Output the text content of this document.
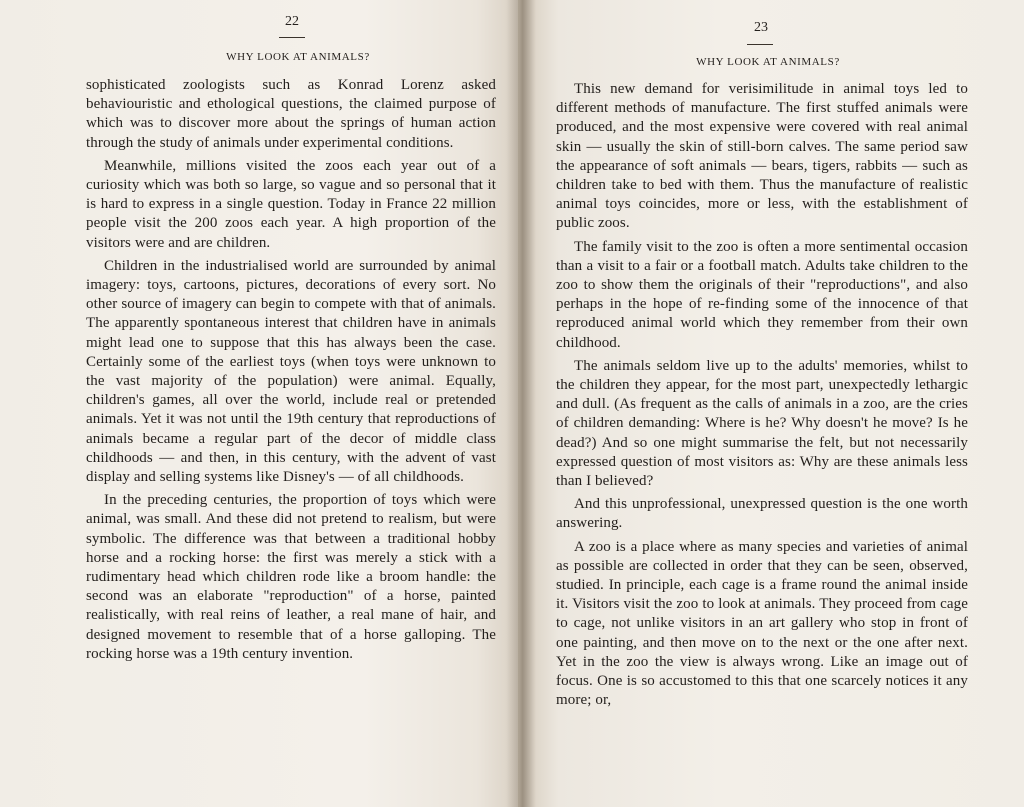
22
WHY LOOK AT ANIMALS?

sophisticated zoologists such as Konrad Lorenz asked behaviouristic and ethological questions, the claimed purpose of which was to discover more about the springs of human action through the study of animals under experimental conditions.

Meanwhile, millions visited the zoos each year out of a curiosity which was both so large, so vague and so personal that it is hard to express in a single question. Today in France 22 million people visit the 200 zoos each year. A high proportion of the visitors were and are children.

Children in the industrialised world are surrounded by animal imagery: toys, cartoons, pictures, decorations of every sort. No other source of imagery can begin to compete with that of animals. The apparently spontaneous interest that children have in animals might lead one to suppose that this has always been the case. Certainly some of the earliest toys (when toys were unknown to the vast majority of the population) were animal. Equally, children's games, all over the world, include real or pretended animals. Yet it was not until the 19th century that reproductions of animals became a regular part of the decor of middle class childhoods — and then, in this century, with the advent of vast display and selling systems like Disney's — of all childhoods.

In the preceding centuries, the proportion of toys which were animal, was small. And these did not pretend to realism, but were symbolic. The difference was that between a traditional hobby horse and a rocking horse: the first was merely a stick with a rudimentary head which children rode like a broom handle: the second was an elaborate "reproduction" of a horse, painted realistically, with real reins of leather, a real mane of hair, and designed movement to resemble that of a horse galloping. The rocking horse was a 19th century invention.

23
WHY LOOK AT ANIMALS?

This new demand for verisimilitude in animal toys led to different methods of manufacture. The first stuffed animals were produced, and the most expensive were covered with real animal skin — usually the skin of still-born calves. The same period saw the appearance of soft animals — bears, tigers, rabbits — such as children take to bed with them. Thus the manufacture of realistic animal toys coincides, more or less, with the establishment of public zoos.

The family visit to the zoo is often a more sentimental occasion than a visit to a fair or a football match. Adults take children to the zoo to show them the originals of their "reproductions", and also perhaps in the hope of re-finding some of the innocence of that reproduced animal world which they remember from their own childhood.

The animals seldom live up to the adults' memories, whilst to the children they appear, for the most part, unexpectedly lethargic and dull. (As frequent as the calls of animals in a zoo, are the cries of children demanding: Where is he? Why doesn't he move? Is he dead?) And so one might summarise the felt, but not necessarily expressed question of most visitors as: Why are these animals less than I believed?

And this unprofessional, unexpressed question is the one worth answering.

A zoo is a place where as many species and varieties of animal as possible are collected in order that they can be seen, observed, studied. In principle, each cage is a frame round the animal inside it. Visitors visit the zoo to look at animals. They proceed from cage to cage, not unlike visitors in an art gallery who stop in front of one painting, and then move on to the next or the one after next. Yet in the zoo the view is always wrong. Like an image out of focus. One is so accustomed to this that one scarcely notices it any more; or,
